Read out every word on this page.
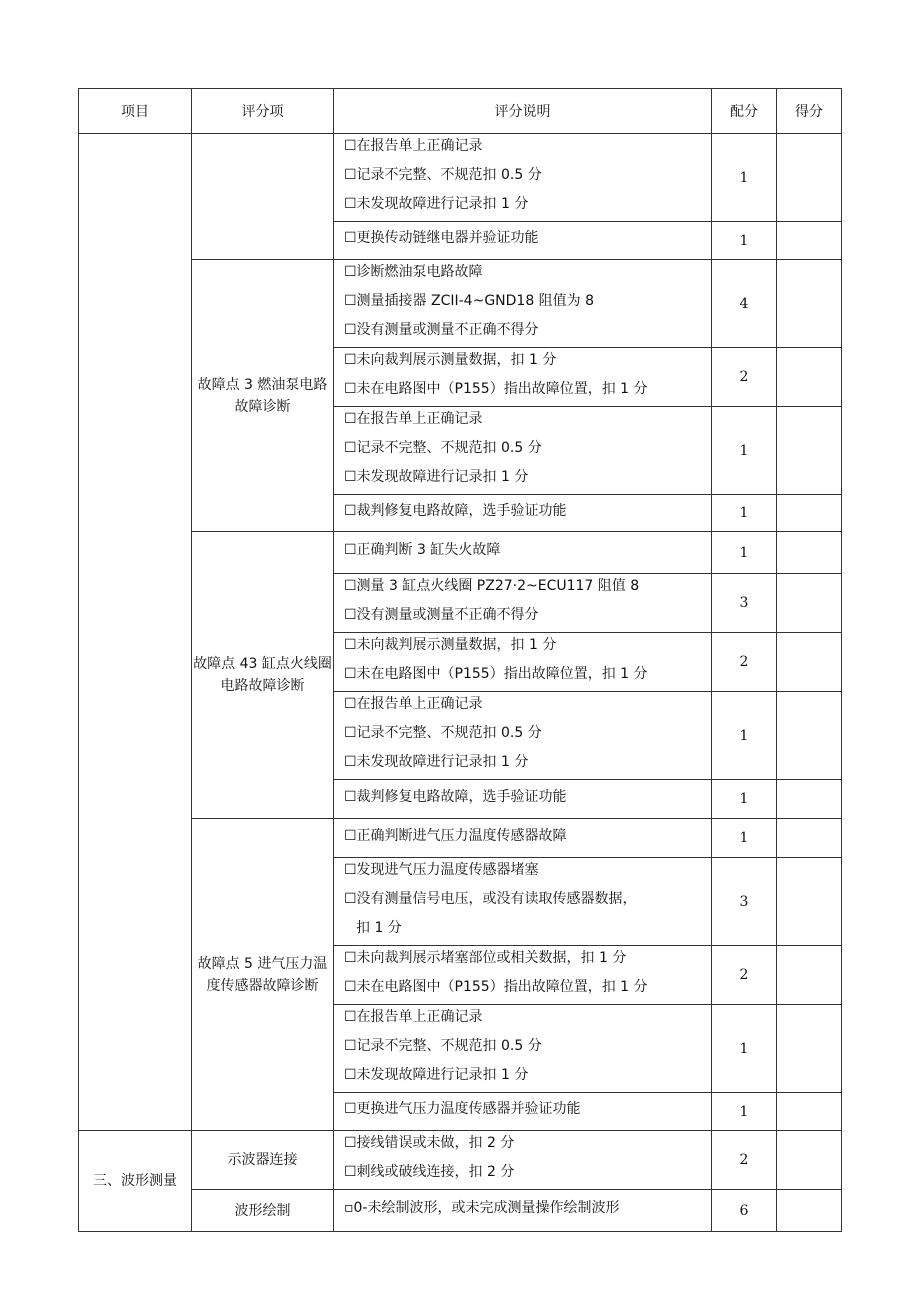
项目	评分项	评分说明	配分	得分

		☐在报告单上正确记录
☐记录不完整、不规范扣 0.5 分
☐未发现故障进行记录扣 1 分	1	

		☐更换传动链继电器并验证功能	1	
	故障点 3 燃油泵电路故障诊断	☐诊断燃油泵电路故障
☐测量插接器 ZCII-4~GND18 阻值为 8
☐没有测量或测量不正确不得分	4	

		☐未向裁判展示测量数据，扣 1 分
☐未在电路图中（P155）指出故障位置，扣 1 分	2	

		☐在报告单上正确记录
☐记录不完整、不规范扣 0.5 分
☐未发现故障进行记录扣 1 分	1	

		☐裁判修复电路故障，选手验证功能	1	
	故障点 43 缸点火线圈电路故障诊断	☐正确判断 3 缸失火故障	1	

		☐测量 3 缸点火线圈 PZ27·2~ECU117 阻值 8
☐没有测量或测量不正确不得分	3	

		☐未向裁判展示测量数据，扣 1 分
☐未在电路图中（P155）指出故障位置，扣 1 分	2	

		☐在报告单上正确记录
☐记录不完整、不规范扣 0.5 分
☐未发现故障进行记录扣 1 分	1	

		☐裁判修复电路故障，选手验证功能	1	
	故障点 5 进气压力温度传感器故障诊断	☐正确判断进气压力温度传感器故障	1	

		☐发现进气压力温度传感器堵塞
☐没有测量信号电压，或没有读取传感器数据，
扣 1 分	3	

		☐未向裁判展示堵塞部位或相关数据，扣 1 分
☐未在电路图中（P155）指出故障位置，扣 1 分	2	

		☐在报告单上正确记录
☐记录不完整、不规范扣 0.5 分
☐未发现故障进行记录扣 1 分	1	

		☐更换进气压力温度传感器并验证功能	1	
三、波形测量	示波器连接	☐接线错误或未做，扣 2 分
☐刺线或破线连接，扣 2 分	2	
	波形绘制	▫0-未绘制波形，或未完成测量操作绘制波形	6	
